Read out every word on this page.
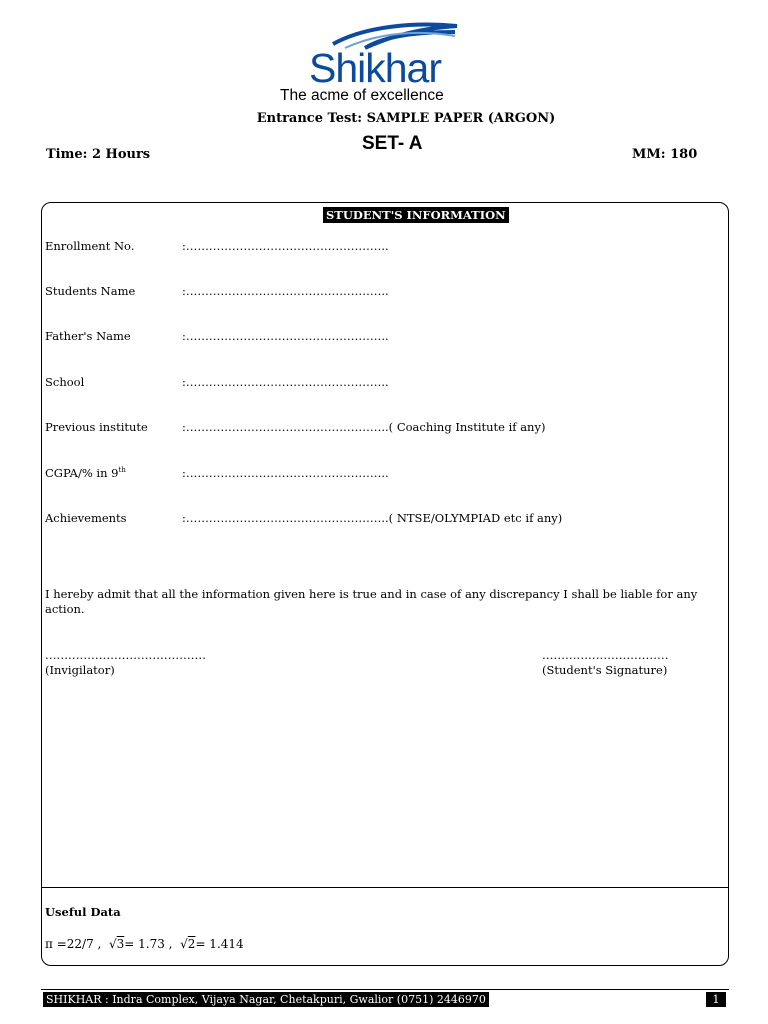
Shikhar
The acme of excellence
Entrance Test: SAMPLE PAPER (ARGON)
SET- A
Time: 2 Hours	MM: 180
STUDENT'S INFORMATION
Enrollment No.	:……………………………………………..
Students Name	:……………………………………………..
Father's Name	:……………………………………………..
School	:……………………………………………..
Previous institute	:……………………………………………..( Coaching Institute if any)
CGPA/% in 9th	:……………………………………………..
Achievements	:……………………………………………..( NTSE/OLYMPIAD etc if any)
I hereby admit that all the information given here is true and in case of any discrepancy I shall be liable for any action.
……………………………………
(Invigilator)
……………………………
(Student's Signature)
Useful Data
π =22/7 , √3= 1.73 , √2= 1.414
SHIKHAR : Indra Complex, Vijaya Nagar, Chetakpuri, Gwalior (0751) 2446970	1
